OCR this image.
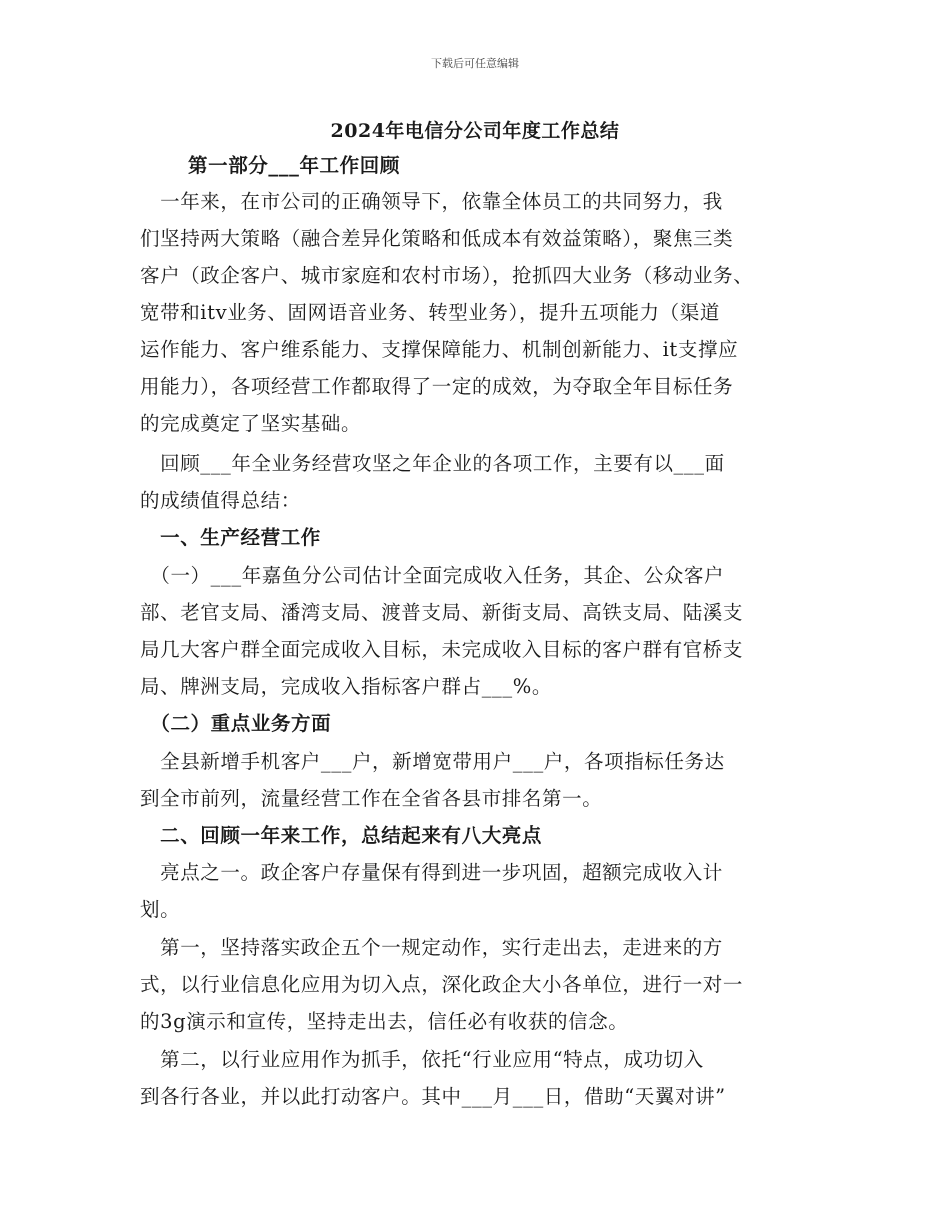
下载后可任意编辑
2024年电信分公司年度工作总结
第一部分___年工作回顾
　一年来，在市公司的正确领导下，依靠全体员工的共同努力，我
们坚持两大策略（融合差异化策略和低成本有效益策略），聚焦三类
客户（政企客户、城市家庭和农村市场），抢抓四大业务（移动业务、
宽带和itv业务、固网语音业务、转型业务），提升五项能力（渠道
运作能力、客户维系能力、支撑保障能力、机制创新能力、it支撑应
用能力），各项经营工作都取得了一定的成效，为夺取全年目标任务
的完成奠定了坚实基础。
　回顾___年全业务经营攻坚之年企业的各项工作，主要有以___面
的成绩值得总结：
　一、生产经营工作
　（一）___年嘉鱼分公司估计全面完成收入任务，其企、公众客户
部、老官支局、潘湾支局、渡普支局、新街支局、高铁支局、陆溪支
局几大客户群全面完成收入目标，未完成收入目标的客户群有官桥支
局、牌洲支局，完成收入指标客户群占___%。
　（二）重点业务方面
　全县新增手机客户___户，新增宽带用户___户，各项指标任务达
到全市前列，流量经营工作在全省各县市排名第一。
　二、回顾一年来工作，总结起来有八大亮点
　亮点之一。政企客户存量保有得到进一步巩固，超额完成收入计
划。
　第一，坚持落实政企五个一规定动作，实行走出去，走进来的方
式，以行业信息化应用为切入点，深化政企大小各单位，进行一对一
的3g演示和宣传，坚持走出去，信任必有收获的信念。
　第二，以行业应用作为抓手，依托“行业应用“特点，成功切入
到各行各业，并以此打动客户。其中___月___日，借助“天翼对讲”
